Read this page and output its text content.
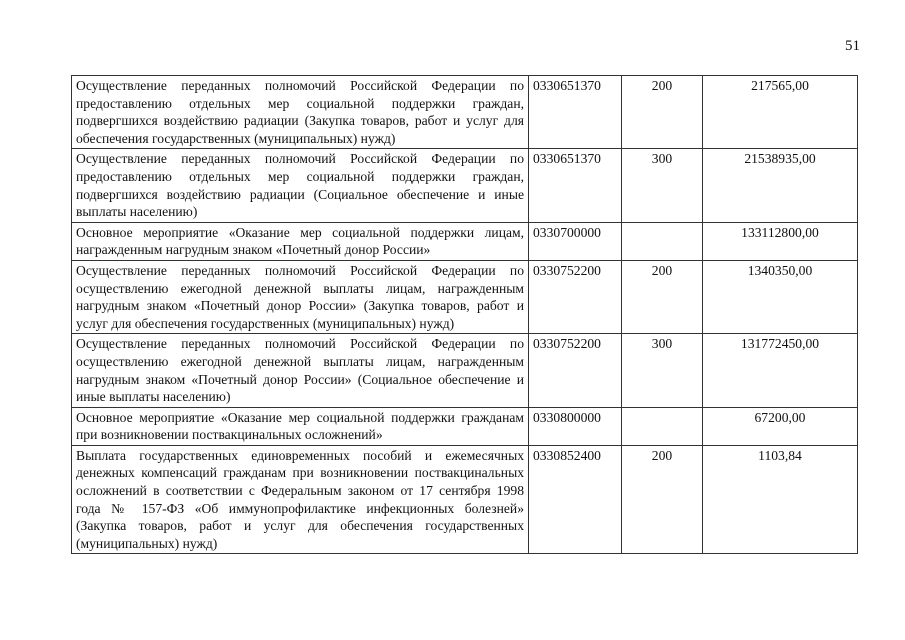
51
Осуществление переданных полномочий Российской Федерации по предоставлению отдельных мер социальной поддержки граждан, подвергшихся воздействию радиации (Закупка товаров, работ и услуг для обеспечения государственных (муниципальных) нужд)	0330651370	200	217565,00
Осуществление переданных полномочий Российской Федерации по предоставлению отдельных мер социальной поддержки граждан, подвергшихся воздействию радиации (Социальное обеспечение и иные выплаты населению)	0330651370	300	21538935,00
Основное мероприятие «Оказание мер социальной поддержки лицам, награжденным нагрудным знаком «Почетный донор России»	0330700000		133112800,00
Осуществление переданных полномочий Российской Федерации по осуществлению ежегодной денежной выплаты лицам, награжденным нагрудным знаком «Почетный донор России» (Закупка товаров, работ и услуг для обеспечения государственных (муниципальных) нужд)	0330752200	200	1340350,00
Осуществление переданных полномочий Российской Федерации по осуществлению ежегодной денежной выплаты лицам, награжденным нагрудным знаком «Почетный донор России» (Социальное обеспечение и иные выплаты населению)	0330752200	300	131772450,00
Основное мероприятие «Оказание мер социальной поддержки гражданам при возникновении поствакцинальных осложнений»	0330800000		67200,00
Выплата государственных единовременных пособий и ежемесячных денежных компенсаций гражданам при возникновении поствакцинальных осложнений в соответствии с Федеральным законом от 17 сентября 1998 года № 157-ФЗ «Об иммунопрофилактике инфекционных болезней» (Закупка товаров, работ и услуг для обеспечения государственных (муниципальных) нужд)	0330852400	200	1103,84
